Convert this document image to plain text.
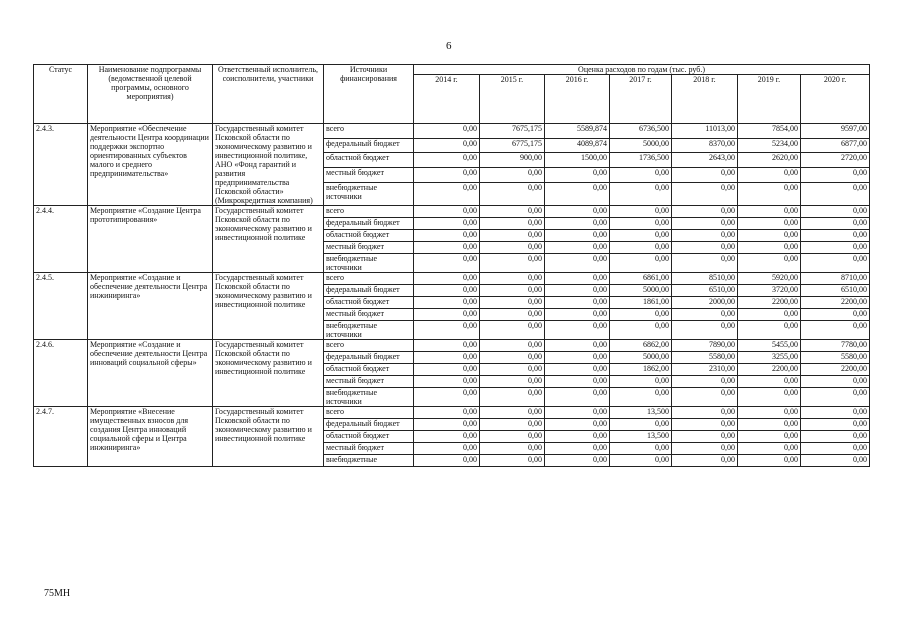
6
Статус	Наименование подпрограммы (ведомственной целевой программы, основного мероприятия)	Ответственный исполнитель, соисполнители, участники	Источники финансирования	Оценка расходов по годам (тыс. руб.)						
				2014 г.	2015 г.	2016 г.	2017 г.	2018 г.	2019 г.	2020 г.
2.4.3.	Мероприятие «Обеспечение деятельности Центра координации поддержки экспортно ориентированных субъектов малого и среднего предпринимательства»	Государственный комитет Псковской области по экономическому развитию и инвестиционной политике, АНО «Фонд гарантий и развития предпринимательства Псковской области» (Микрокредитная компания)	всего	0,00	7675,175	5589,874	6736,500	11013,00	7854,00	9597,00
			федеральный бюджет	0,00	6775,175	4089,874	5000,00	8370,00	5234,00	6877,00
			областной бюджет	0,00	900,00	1500,00	1736,500	2643,00	2620,00	2720,00
			местный бюджет	0,00	0,00	0,00	0,00	0,00	0,00	0,00
			внебюджетные источники	0,00	0,00	0,00	0,00	0,00	0,00	0,00
2.4.4.	Мероприятие «Создание Центра прототипирования»	Государственный комитет Псковской области по экономическому развитию и инвестиционной политике	всего	0,00	0,00	0,00	0,00	0,00	0,00	0,00
			федеральный бюджет	0,00	0,00	0,00	0,00	0,00	0,00	0,00
			областной бюджет	0,00	0,00	0,00	0,00	0,00	0,00	0,00
			местный бюджет	0,00	0,00	0,00	0,00	0,00	0,00	0,00
			внебюджетные источники	0,00	0,00	0,00	0,00	0,00	0,00	0,00
2.4.5.	Мероприятие «Создание и обеспечение деятельности Центра инжиниринга»	Государственный комитет Псковской области по экономическому развитию и инвестиционной политике	всего	0,00	0,00	0,00	6861,00	8510,00	5920,00	8710,00
			федеральный бюджет	0,00	0,00	0,00	5000,00	6510,00	3720,00	6510,00
			областной бюджет	0,00	0,00	0,00	1861,00	2000,00	2200,00	2200,00
			местный бюджет	0,00	0,00	0,00	0,00	0,00	0,00	0,00
			внебюджетные источники	0,00	0,00	0,00	0,00	0,00	0,00	0,00
2.4.6.	Мероприятие «Создание и обеспечение деятельности Центра инноваций социальной сферы»	Государственный комитет Псковской области по экономическому развитию и инвестиционной политике	всего	0,00	0,00	0,00	6862,00	7890,00	5455,00	7780,00
			федеральный бюджет	0,00	0,00	0,00	5000,00	5580,00	3255,00	5580,00
			областной бюджет	0,00	0,00	0,00	1862,00	2310,00	2200,00	2200,00
			местный бюджет	0,00	0,00	0,00	0,00	0,00	0,00	0,00
			внебюджетные источники	0,00	0,00	0,00	0,00	0,00	0,00	0,00
2.4.7.	Мероприятие «Внесение имущественных взносов для создания Центра инноваций социальной сферы и Центра инжиниринга»	Государственный комитет Псковской области по экономическому развитию и инвестиционной политике	всего	0,00	0,00	0,00	13,500	0,00	0,00	0,00
			федеральный бюджет	0,00	0,00	0,00	0,00	0,00	0,00	0,00
			областной бюджет	0,00	0,00	0,00	13,500	0,00	0,00	0,00
			местный бюджет	0,00	0,00	0,00	0,00	0,00	0,00	0,00
			внебюджетные	0,00	0,00	0,00	0,00	0,00	0,00	0,00
75МН
